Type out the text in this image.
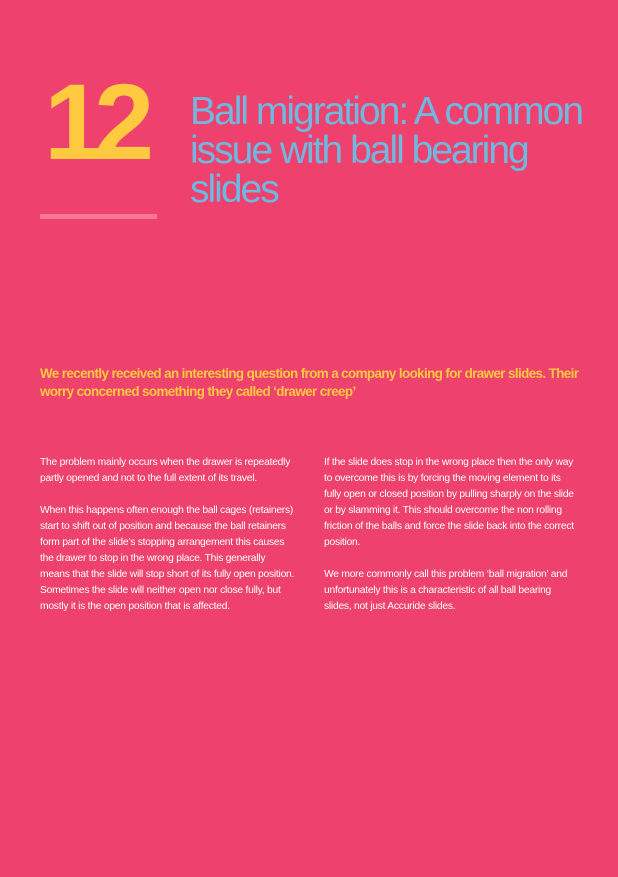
12 Ball migration: A common issue with ball bearing slides

We recently received an interesting question from a company looking for drawer slides. Their worry concerned something they called ‘drawer creep’

The problem mainly occurs when the drawer is repeatedly partly opened and not to the full extent of its travel.

When this happens often enough the ball cages (retainers) start to shift out of position and because the ball retainers form part of the slide’s stopping arrangement this causes the drawer to stop in the wrong place. This generally means that the slide will stop short of its fully open position. Sometimes the slide will neither open nor close fully, but mostly it is the open position that is affected.

If the slide does stop in the wrong place then the only way to overcome this is by forcing the moving element to its fully open or closed position by pulling sharply on the slide or by slamming it. This should overcome the non rolling friction of the balls and force the slide back into the correct position.

We more commonly call this problem ‘ball migration’ and unfortunately this is a characteristic of all ball bearing slides, not just Accuride slides.
